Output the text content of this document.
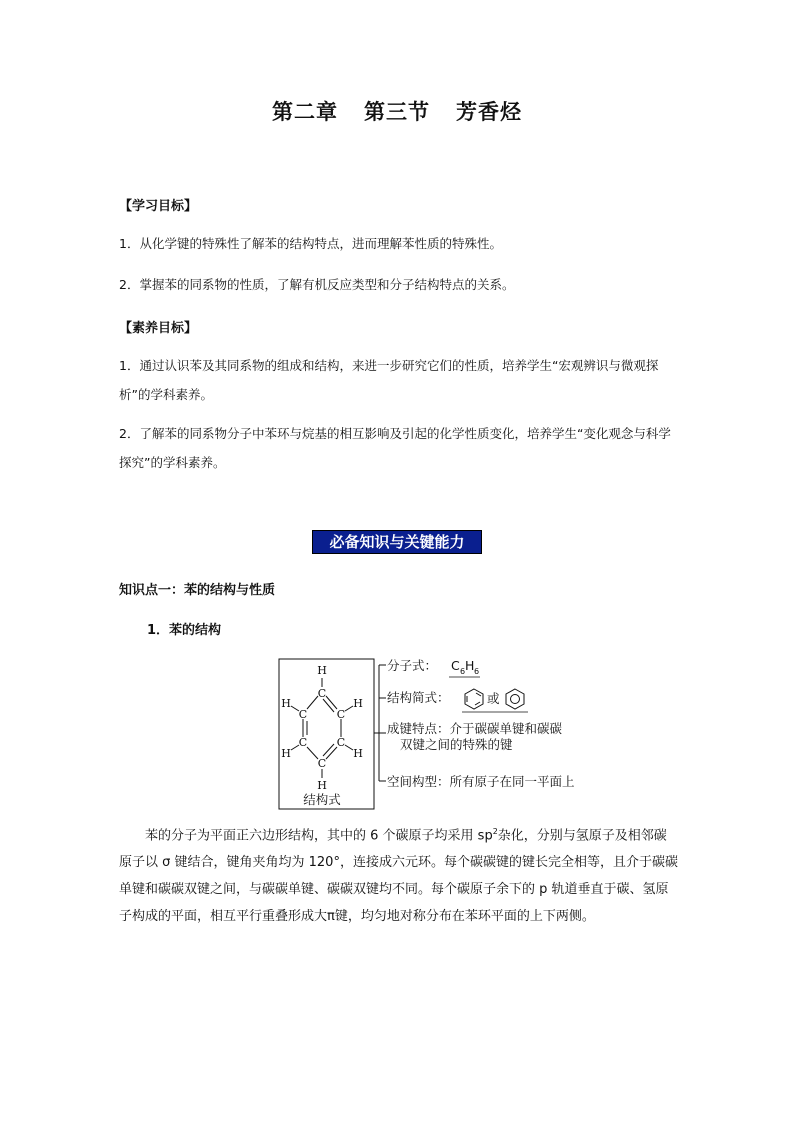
第二章 第三节 芳香烃
【学习目标】
1．从化学键的特殊性了解苯的结构特点，进而理解苯性质的特殊性。
2．掌握苯的同系物的性质，了解有机反应类型和分子结构特点的关系。
【素养目标】
1．通过认识苯及其同系物的组成和结构，来进一步研究它们的性质，培养学生“宏观辨识与微观探析”的学科素养。
2．了解苯的同系物分子中苯环与烷基的相互影响及引起的化学性质变化，培养学生“变化观念与科学探究”的学科素养。
必备知识与关键能力
知识点一：苯的结构与性质
1．苯的结构
C
C
C
C
C
C
H
H
H
H
H
H
结构式
分子式： C 6 H 6
结构简式：	或
成键特点：介于碳碳单键和碳碳
双键之间的特殊的键
空间构型：所有原子在同一平面上
苯的分子为平面正六边形结构，其中的 6 个碳原子均采用 $sp^2$杂化，分别与氢原子及相邻碳原子以 σ 键结合，键角夹角均为 120°，连接成六元环。每个碳碳键的键长完全相等，且介于碳碳单键和碳碳双键之间，与碳碳单键、碳碳双键均不同。每个碳原子余下的 p 轨道垂直于碳、氢原子构成的平面，相互平行重叠形成大π键，均匀地对称分布在苯环平面的上下两侧。
